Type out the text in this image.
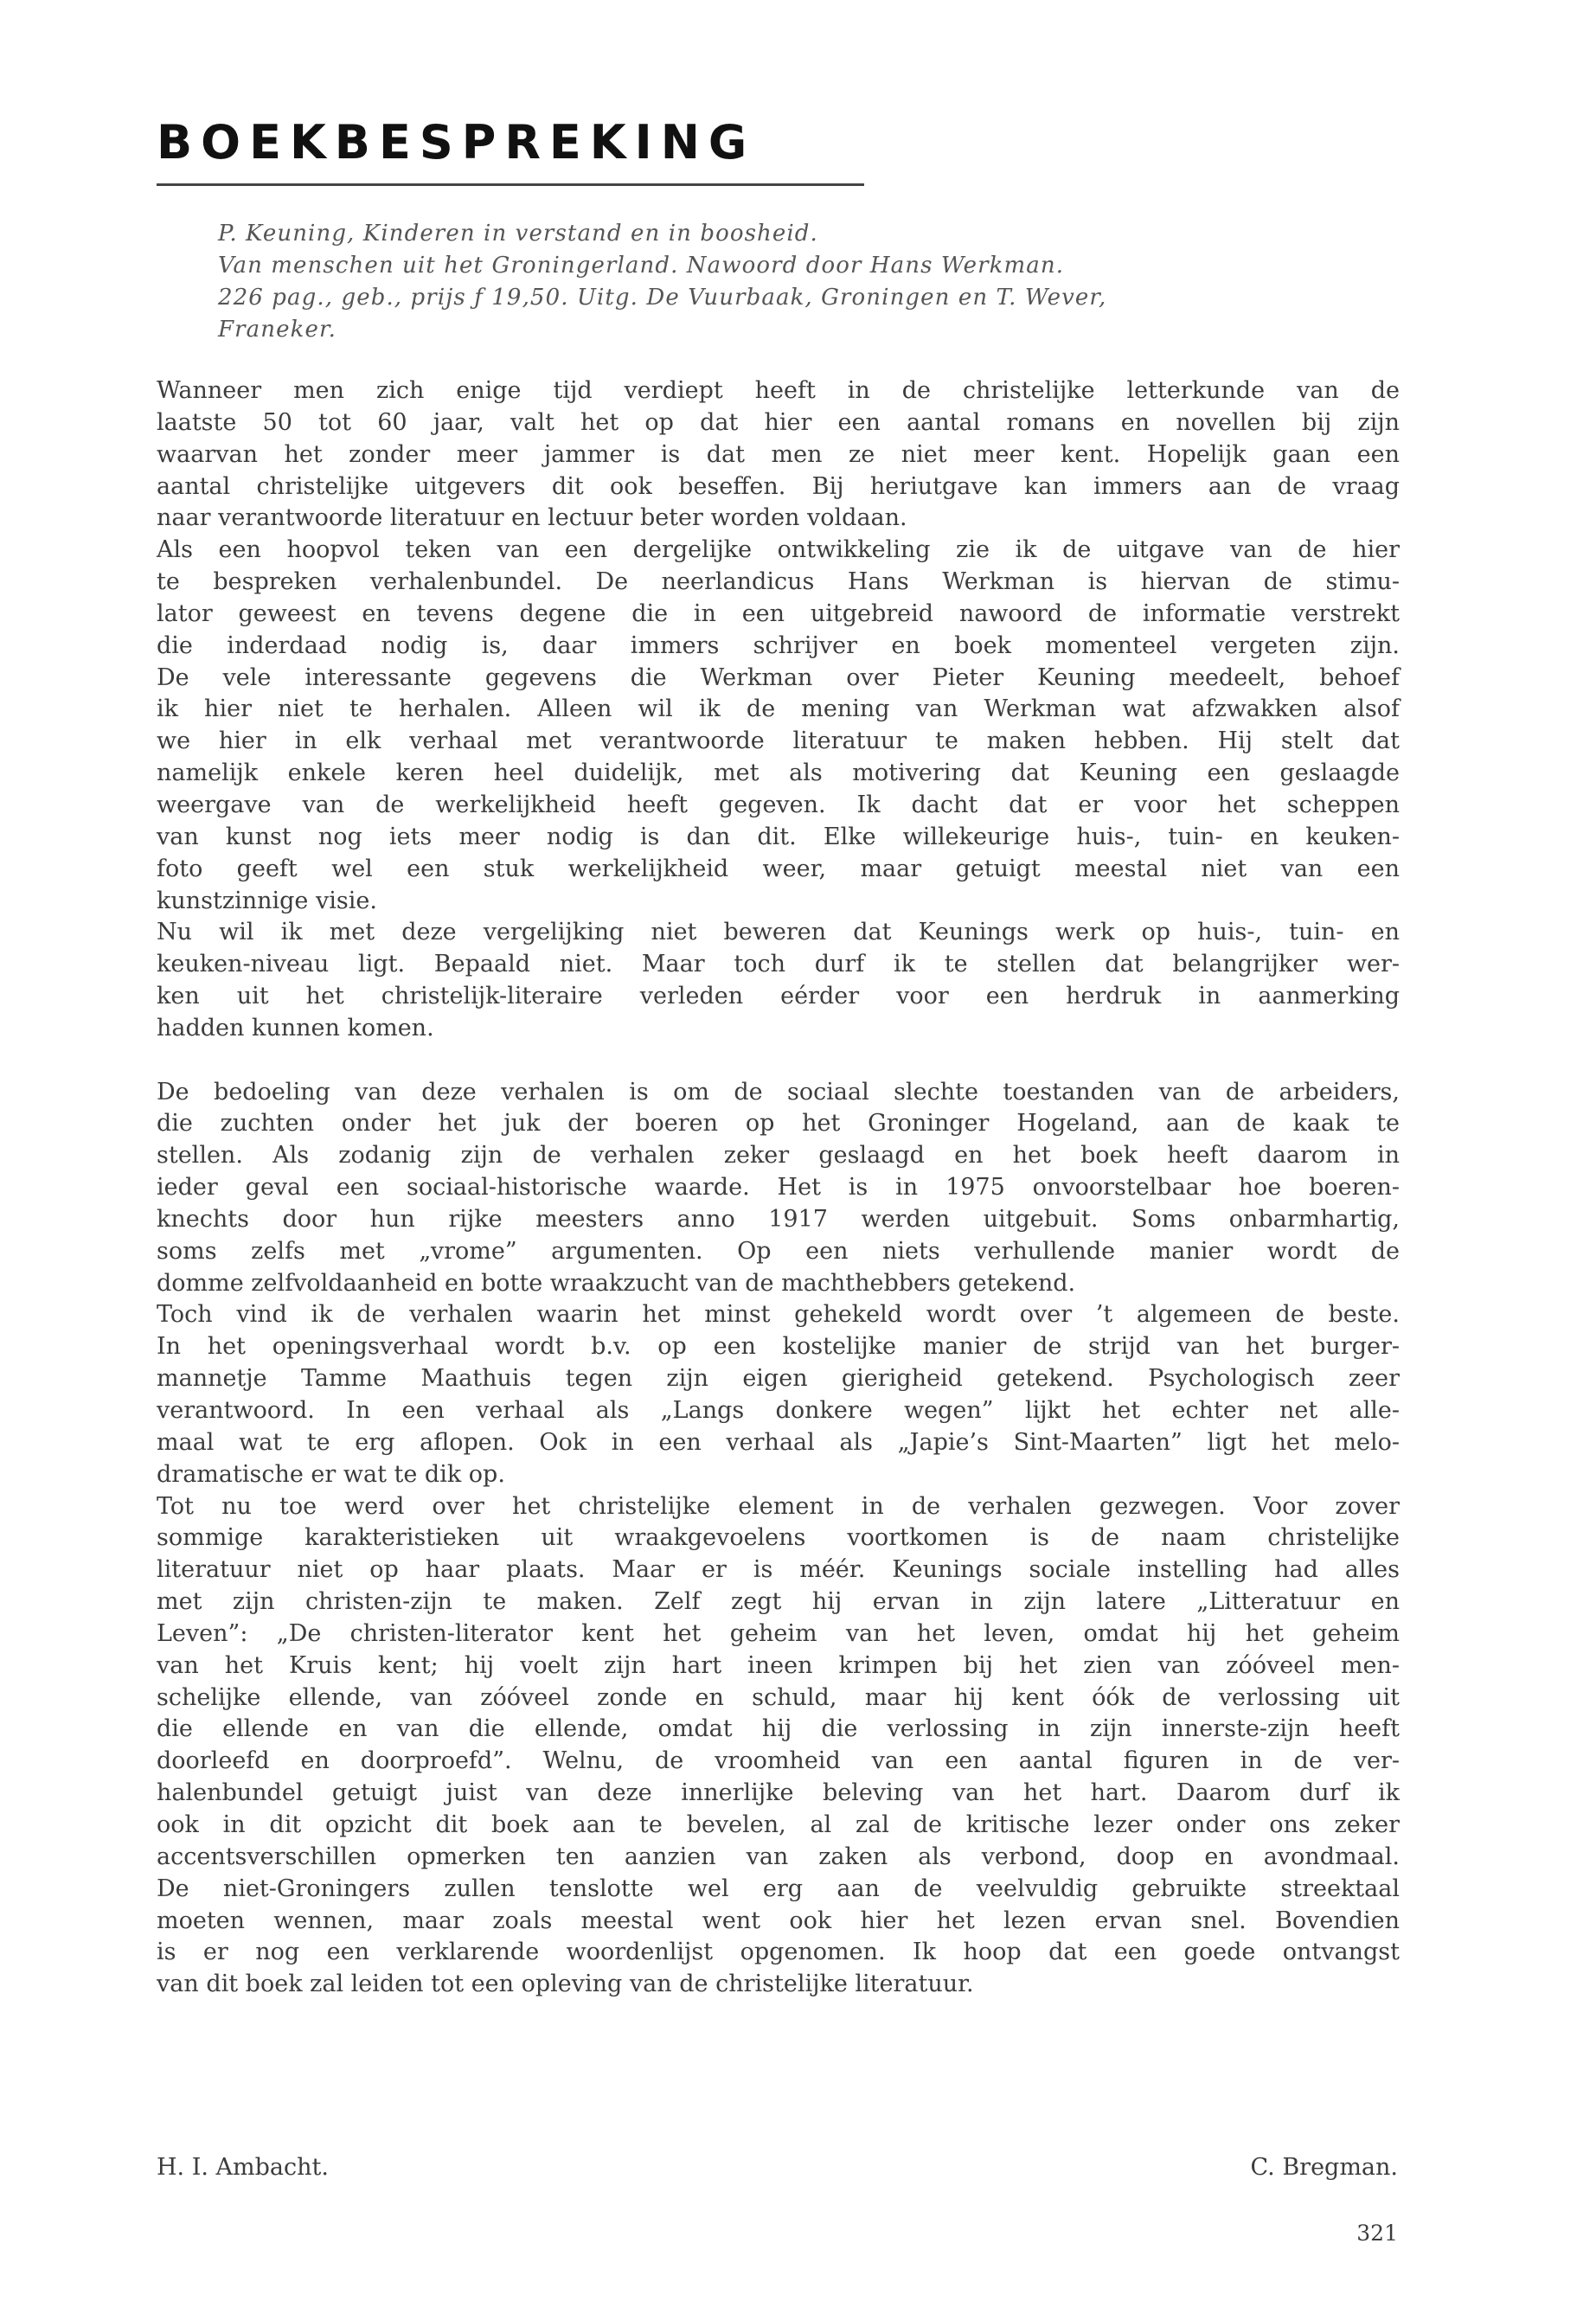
BOEKBESPREKING
P. Keuning, Kinderen in verstand en in boosheid.
Van menschen uit het Groningerland. Nawoord door Hans Werkman.
226 pag., geb., prijs ƒ 19,50. Uitg. De Vuurbaak, Groningen en T. Wever,
Franeker.
Wanneer men zich enige tijd verdiept heeft in de christelijke letterkunde van de
laatste 50 tot 60 jaar, valt het op dat hier een aantal romans en novellen bij zijn
waarvan het zonder meer jammer is dat men ze niet meer kent. Hopelijk gaan een
aantal christelijke uitgevers dit ook beseffen. Bij heriutgave kan immers aan de vraag
naar verantwoorde literatuur en lectuur beter worden voldaan.
Als een hoopvol teken van een dergelijke ontwikkeling zie ik de uitgave van de hier
te bespreken verhalenbundel. De neerlandicus Hans Werkman is hiervan de stimu-
lator geweest en tevens degene die in een uitgebreid nawoord de informatie verstrekt
die inderdaad nodig is, daar immers schrijver en boek momenteel vergeten zijn.
De vele interessante gegevens die Werkman over Pieter Keuning meedeelt, behoef
ik hier niet te herhalen. Alleen wil ik de mening van Werkman wat afzwakken alsof
we hier in elk verhaal met verantwoorde literatuur te maken hebben. Hij stelt dat
namelijk enkele keren heel duidelijk, met als motivering dat Keuning een geslaagde
weergave van de werkelijkheid heeft gegeven. Ik dacht dat er voor het scheppen
van kunst nog iets meer nodig is dan dit. Elke willekeurige huis-, tuin- en keuken-
foto geeft wel een stuk werkelijkheid weer, maar getuigt meestal niet van een
kunstzinnige visie.
Nu wil ik met deze vergelijking niet beweren dat Keunings werk op huis-, tuin- en
keuken-niveau ligt. Bepaald niet. Maar toch durf ik te stellen dat belangrijker wer-
ken uit het christelijk-literaire verleden eérder voor een herdruk in aanmerking
hadden kunnen komen.
De bedoeling van deze verhalen is om de sociaal slechte toestanden van de arbeiders,
die zuchten onder het juk der boeren op het Groninger Hogeland, aan de kaak te
stellen. Als zodanig zijn de verhalen zeker geslaagd en het boek heeft daarom in
ieder geval een sociaal-historische waarde. Het is in 1975 onvoorstelbaar hoe boeren-
knechts door hun rijke meesters anno 1917 werden uitgebuit. Soms onbarmhartig,
soms zelfs met „vrome” argumenten. Op een niets verhullende manier wordt de
domme zelfvoldaanheid en botte wraakzucht van de machthebbers getekend.
Toch vind ik de verhalen waarin het minst gehekeld wordt over ’t algemeen de beste.
In het openingsverhaal wordt b.v. op een kostelijke manier de strijd van het burger-
mannetje Tamme Maathuis tegen zijn eigen gierigheid getekend. Psychologisch zeer
verantwoord. In een verhaal als „Langs donkere wegen” lijkt het echter net alle-
maal wat te erg aflopen. Ook in een verhaal als „Japie’s Sint-Maarten” ligt het melo-
dramatische er wat te dik op.
Tot nu toe werd over het christelijke element in de verhalen gezwegen. Voor zover
sommige karakteristieken uit wraakgevoelens voortkomen is de naam christelijke
literatuur niet op haar plaats. Maar er is méér. Keunings sociale instelling had alles
met zijn christen-zijn te maken. Zelf zegt hij ervan in zijn latere „Litteratuur en
Leven”: „De christen-literator kent het geheim van het leven, omdat hij het geheim
van het Kruis kent; hij voelt zijn hart ineen krimpen bij het zien van zóóveel men-
schelijke ellende, van zóóveel zonde en schuld, maar hij kent óók de verlossing uit
die ellende en van die ellende, omdat hij die verlossing in zijn innerste-zijn heeft
doorleefd en doorproefd”. Welnu, de vroomheid van een aantal figuren in de ver-
halenbundel getuigt juist van deze innerlijke beleving van het hart. Daarom durf ik
ook in dit opzicht dit boek aan te bevelen, al zal de kritische lezer onder ons zeker
accentsverschillen opmerken ten aanzien van zaken als verbond, doop en avondmaal.
De niet-Groningers zullen tenslotte wel erg aan de veelvuldig gebruikte streektaal
moeten wennen, maar zoals meestal went ook hier het lezen ervan snel. Bovendien
is er nog een verklarende woordenlijst opgenomen. Ik hoop dat een goede ontvangst
van dit boek zal leiden tot een opleving van de christelijke literatuur.
H. I. Ambacht.	C. Bregman.
321
